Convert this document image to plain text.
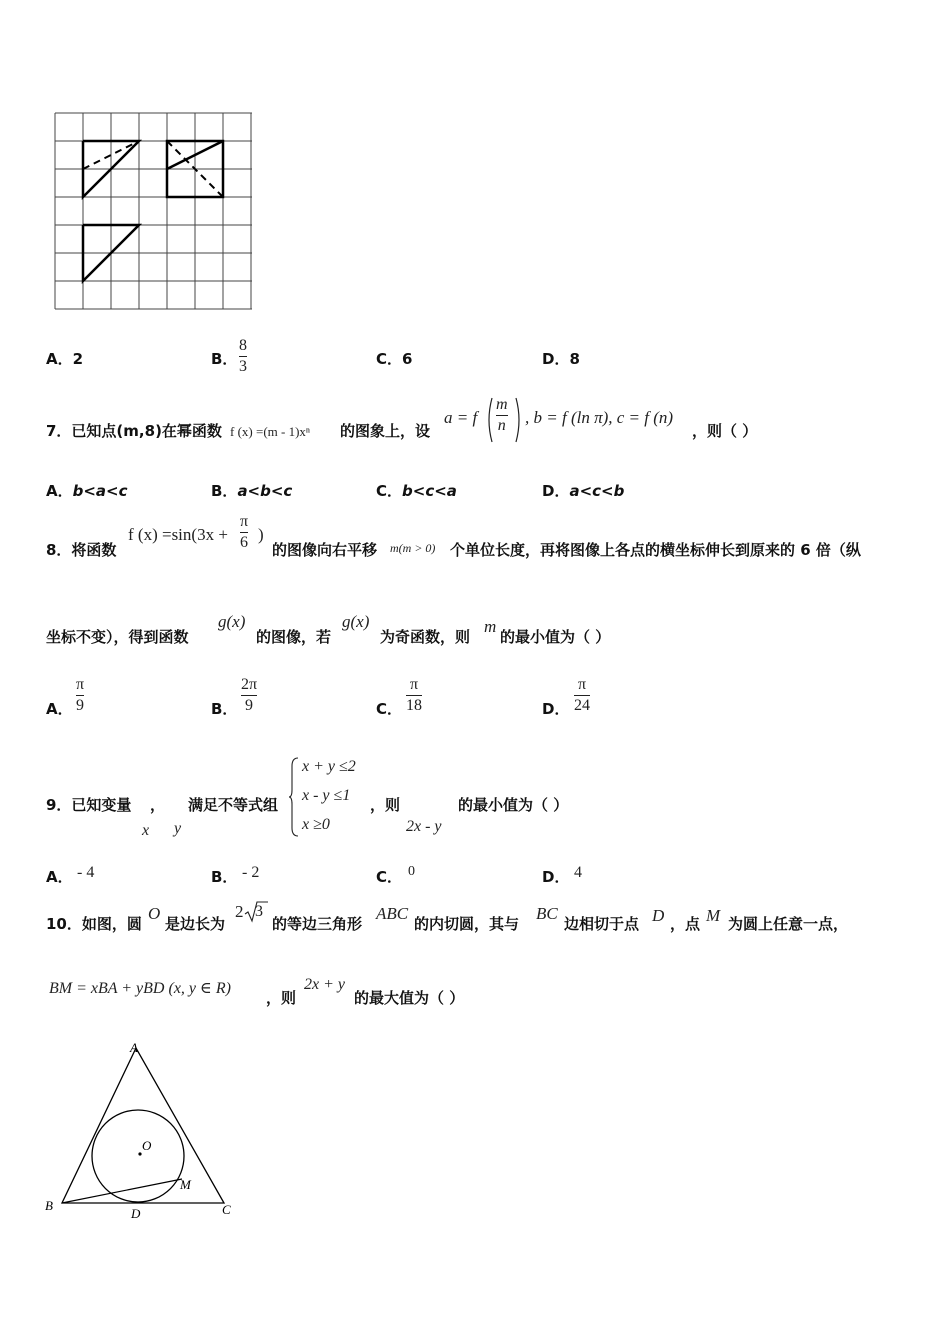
A．2	B．
8
3	C．6	D．8
7．已知点(m,8)在幂函数 f (x) =(m - 1)xⁿ 的图象上，设
a = f
m
n , b = f (ln π), c = f (n)
，则（ ）
A．b<a<c	B．a<b<c	C．b<c<a	D．a<c<b
8．将函数
f (x) =sin(3x +
π
6 )
的图像向右平移 m(m > 0) 个单位长度，再将图像上各点的横坐标伸长到原来的 6 倍（纵
坐标不变），得到函数
g(x)
的图像，若
g(x)
为奇函数，则
m
的最小值为（ ）
A．
π
9	B．
2π
9	C．
π
18	D．
π
24
9．已知变量 ， 满足不等式组
x y
x + y ≤2
x - y ≤1
x ≥0
，则
2x - y
的最小值为（ ）
A． - 4	B． - 2	C． 0	D． 4
10．如图，圆
O
是边长为
2 3
的等边三角形
ABC
的内切圆，其与
BC
边相切于点 D ，点 M 为圆上任意一点，
BM = xBA + yBD (x, y ∈ R)
，则
2x + y
的最大值为（ ）
A
B	C
D
O
M
